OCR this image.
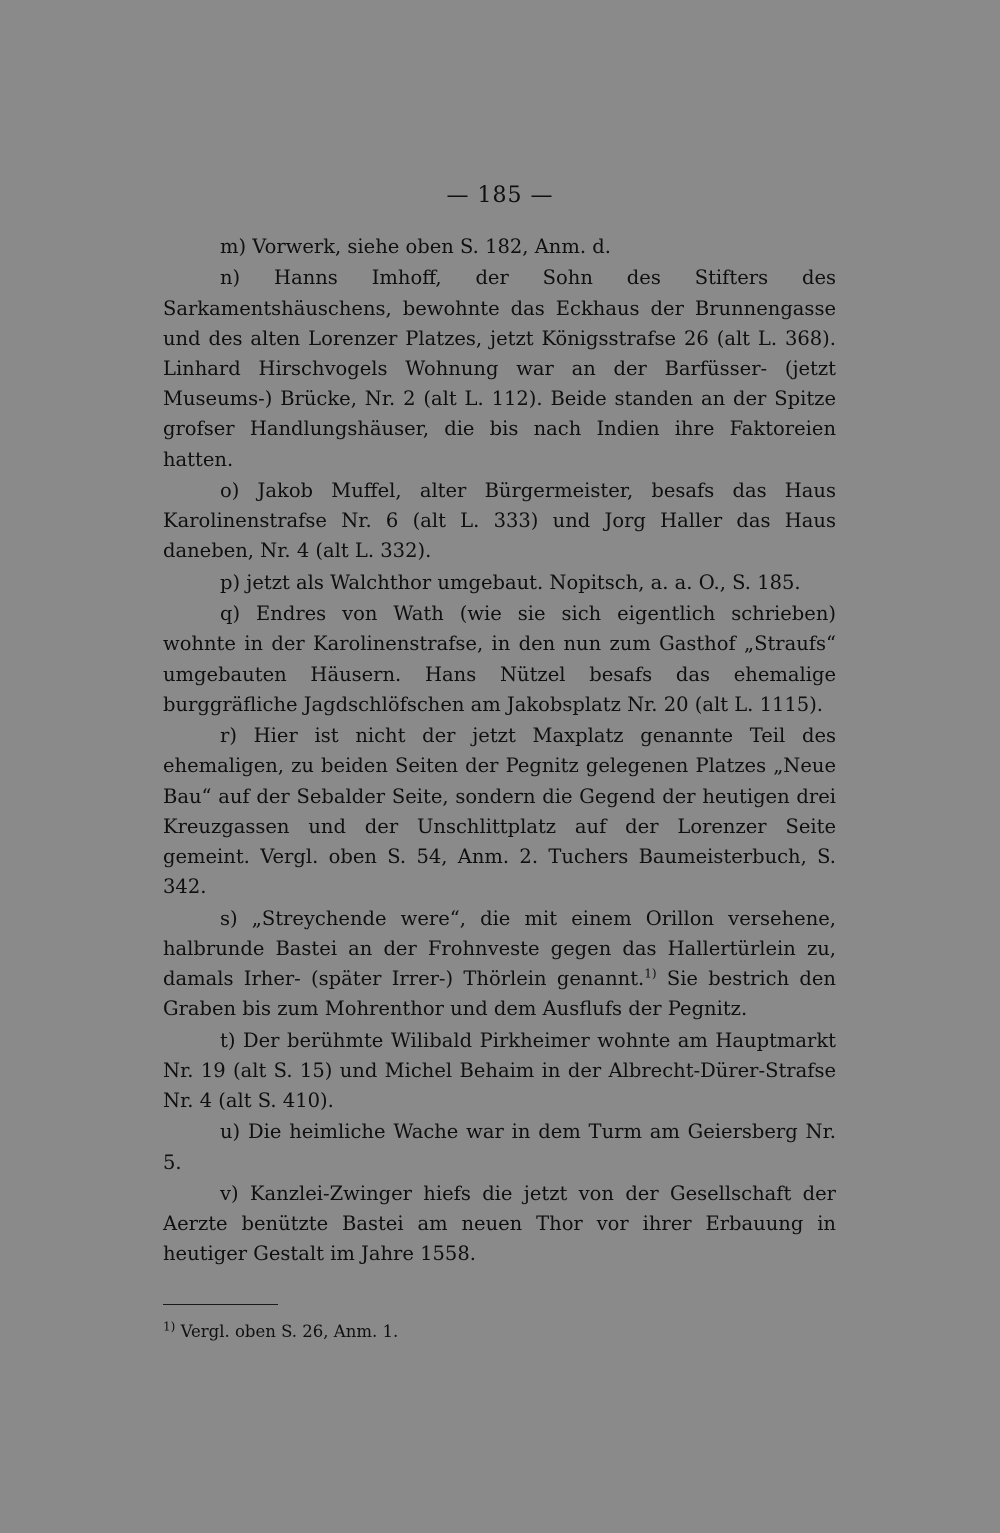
— 185 —

m) Vorwerk, siehe oben S. 182, Anm. d.

n) Hanns Imhoff, der Sohn des Stifters des Sarkamentshäuschens, bewohnte das Eckhaus der Brunnengasse und des alten Lorenzer Platzes, jetzt Königsstrafse 26 (alt L. 368). Linhard Hirschvogels Wohnung war an der Barfüsser- (jetzt Museums-) Brücke, Nr. 2 (alt L. 112). Beide standen an der Spitze grofser Handlungshäuser, die bis nach Indien ihre Faktoreien hatten.

o) Jakob Muffel, alter Bürgermeister, besafs das Haus Karolinenstrafse Nr. 6 (alt L. 333) und Jorg Haller das Haus daneben, Nr. 4 (alt L. 332).

p) jetzt als Walchthor umgebaut. Nopitsch, a. a. O., S. 185.

q) Endres von Wath (wie sie sich eigentlich schrieben) wohnte in der Karolinenstrafse, in den nun zum Gasthof „Straufs“ umgebauten Häusern. Hans Nützel besafs das ehemalige burggräfliche Jagdschlöfschen am Jakobsplatz Nr. 20 (alt L. 1115).

r) Hier ist nicht der jetzt Maxplatz genannte Teil des ehemaligen, zu beiden Seiten der Pegnitz gelegenen Platzes „Neue Bau“ auf der Sebalder Seite, sondern die Gegend der heutigen drei Kreuzgassen und der Unschlittplatz auf der Lorenzer Seite gemeint. Vergl. oben S. 54, Anm. 2. Tuchers Baumeisterbuch, S. 342.

s) „Streychende were“, die mit einem Orillon versehene, halbrunde Bastei an der Frohnveste gegen das Hallertürlein zu, damals Irher- (später Irrer-) Thörlein genannt.$^{1)}$ Sie bestrich den Graben bis zum Mohrenthor und dem Ausflufs der Pegnitz.

t) Der berühmte Wilibald Pirkheimer wohnte am Hauptmarkt Nr. 19 (alt S. 15) und Michel Behaim in der Albrecht-Dürer-Strafse Nr. 4 (alt S. 410).

u) Die heimliche Wache war in dem Turm am Geiersberg Nr. 5.

v) Kanzlei-Zwinger hiefs die jetzt von der Gesellschaft der Aerzte benützte Bastei am neuen Thor vor ihrer Erbauung in heutiger Gestalt im Jahre 1558.

$^{1)}$ Vergl. oben S. 26, Anm. 1.
